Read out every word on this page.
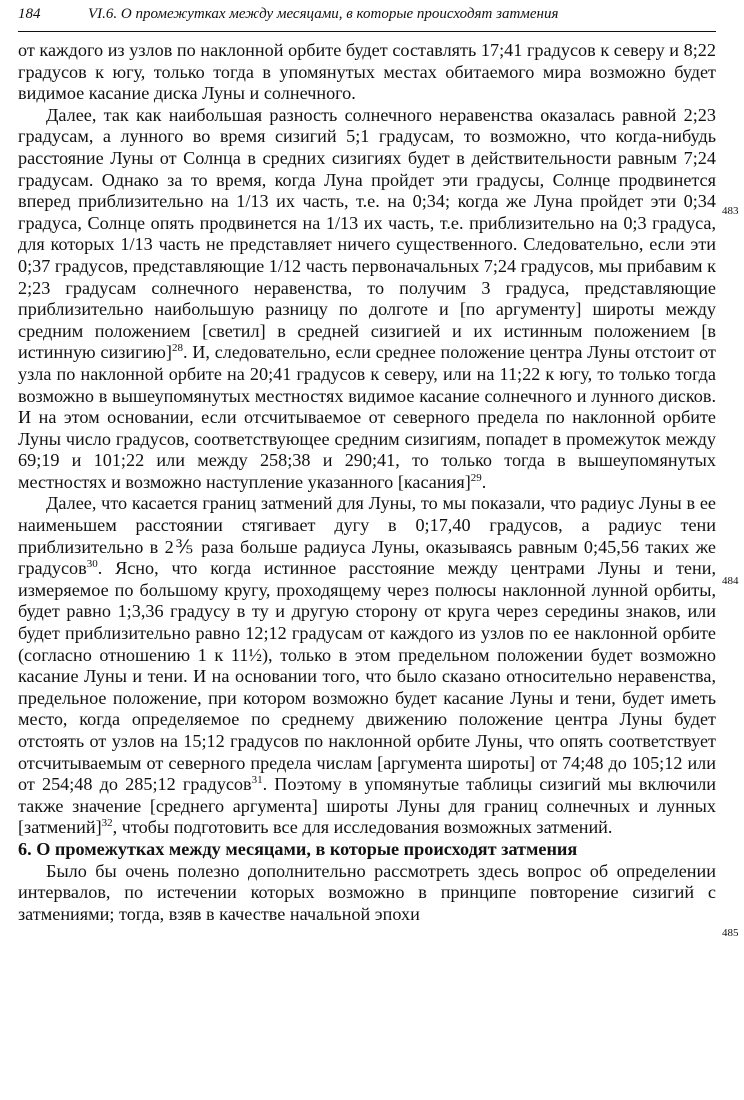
184	VI.6. О промежутках между месяцами, в которые происходят затмения

от каждого из узлов по наклонной орбите будет составлять 17;41 градусов к северу и 8;22 градусов к югу, только тогда в упомянутых местах обитаемого мира возможно будет видимое касание диска Луны и солнечного.

Далее, так как наибольшая разность солнечного неравенства оказалась равной 2;23 градусам, а лунного во время сизигий 5;1 градусам, то возможно, что когда-нибудь расстояние Луны от Солнца в средних сизигиях будет в действительности равным 7;24 градусам. Однако за то время, когда Луна пройдет эти градусы, Солнце продвинется вперед приблизительно на 1/13 их часть, т.е. на 0;34; когда же Луна пройдет эти 0;34 градуса, Солнце опять продвинется на 1/13 их часть, т.е. приблизительно на 0;3 градуса, для которых 1/13 часть не представляет ничего существенного. Следовательно, если эти 0;37 градусов, представляющие 1/12 часть первоначальных 7;24 градусов, мы прибавим к 2;23 градусам солнечного неравенства, то получим 3 градуса, представляющие приблизительно наибольшую разницу по долготе и [по аргументу] широты между средним положением [светил] в средней сизигией и их истинным положением [в истинную сизигию]$^{28}$. И, следовательно, если среднее положение центра Луны отстоит от узла по наклонной орбите на 20;41 градусов к северу, или на 11;22 к югу, то только тогда возможно в вышеупомянутых местностях видимое касание солнечного и лунного дисков. И на этом основании, если отсчитываемое от северного предела по наклонной орбите Луны число градусов, соответствующее средним сизигиям, попадет в промежуток между 69;19 и 101;22 или между 258;38 и 290;41, то только тогда в вышеупомянутых местностях и возможно наступление указанного [касания]$^{29}$.

Далее, что касается границ затмений для Луны, то мы показали, что радиус Луны в ее наименьшем расстоянии стягивает дугу в 0;17,40 градусов, а радиус тени приблизительно в 2⅗ раза больше радиуса Луны, оказываясь равным 0;45,56 таких же градусов$^{30}$. Ясно, что когда истинное расстояние между центрами Луны и тени, измеряемое по большому кругу, проходящему через полюсы наклонной лунной орбиты, будет равно 1;3,36 градусу в ту и другую сторону от круга через середины знаков, или будет приблизительно равно 12;12 градусам от каждого из узлов по ее наклонной орбите (согласно отношению 1 к 11½), только в этом предельном положении будет возможно касание Луны и тени. И на основании того, что было сказано относительно неравенства, предельное положение, при котором возможно будет касание Луны и тени, будет иметь место, когда определяемое по среднему движению положение центра Луны будет отстоять от узлов на 15;12 градусов по наклонной орбите Луны, что опять соответствует отсчитываемым от северного предела числам [аргумента широты] от 74;48 до 105;12 или от 254;48 до 285;12 градусов$^{31}$. Поэтому в упомянутые таблицы сизигий мы включили также значение [среднего аргумента] широты Луны для границ солнечных и лунных [затмений]$^{32}$, чтобы подготовить все для исследования возможных затмений.

6. О промежутках между месяцами, в которые происходят затмения

Было бы очень полезно дополнительно рассмотреть здесь вопрос об определении интервалов, по истечении которых возможно в принципе повторение сизигий с затмениями; тогда, взяв в качестве начальной эпохи

483
484
485
